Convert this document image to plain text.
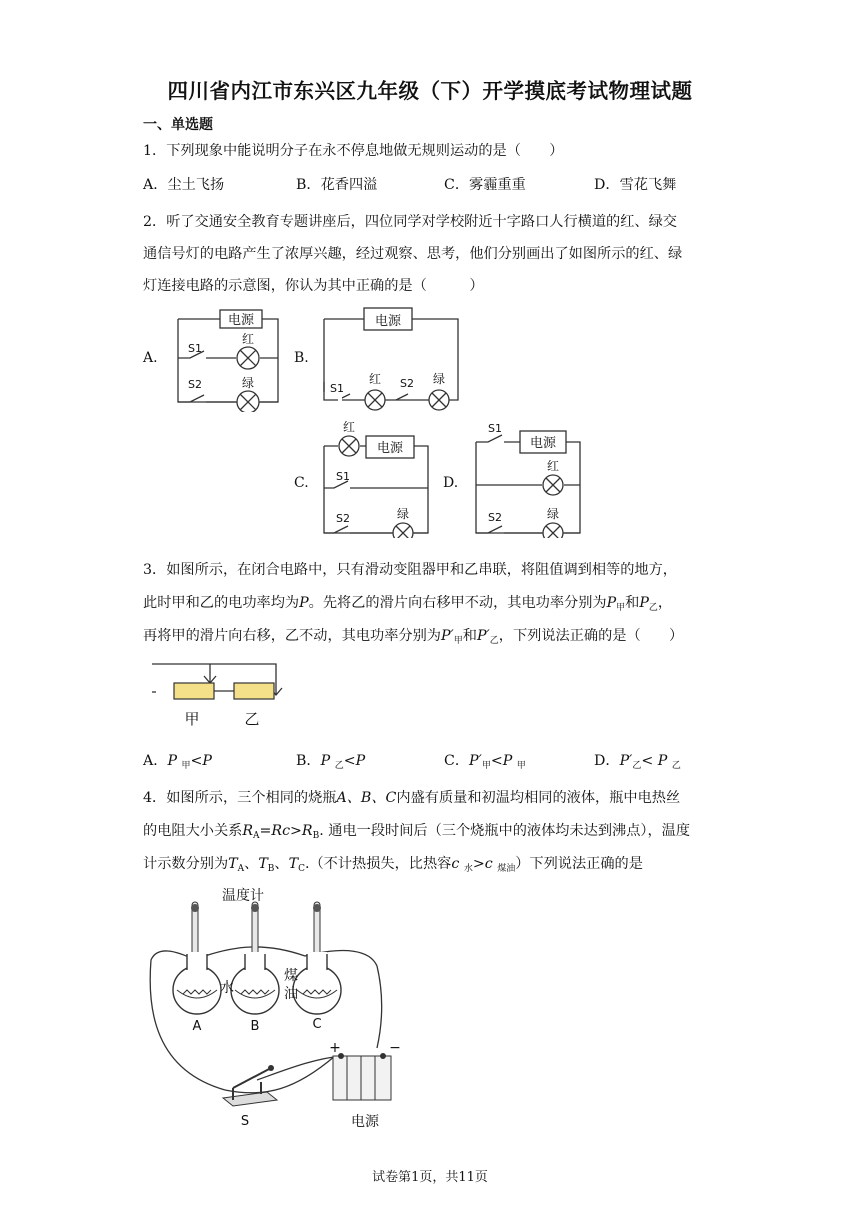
四川省内江市东兴区九年级（下）开学摸底考试物理试题
一、单选题
1．下列现象中能说明分子在永不停息地做无规则运动的是（　　）
A．尘土飞扬	B．花香四溢	C．雾霾重重	D．雪花飞舞
2．听了交通安全教育专题讲座后，四位同学对学校附近十字路口人行横道的红、绿交
通信号灯的电路产生了浓厚兴趣，经过观察、思考，他们分别画出了如图所示的红、绿
灯连接电路的示意图，你认为其中正确的是（　　　）
A.	B.
C.	D.
电源
红
绿
S1
S2
电源
S1
红 S2 绿
红
电源
S1
S2	绿
S1
电源
红
S2	绿
3．如图所示，在闭合电路中，只有滑动变阻器甲和乙串联，将阻值调到相等的地方，
此时甲和乙的电功率均为P。先将乙的滑片向右移甲不动，其电功率分别为$P_甲$和$P_乙$，
再将甲的滑片向右移，乙不动，其电功率分别为$P'_甲$和$P'_乙$，下列说法正确的是（　　）
甲	乙
A．P $_甲$<P	B．P $_乙$<P	C．$P'_甲<P$ $_甲$	D．$P'_乙< P$ $_乙$
4．如图所示，三个相同的烧瓶A、B、C内盛有质量和初温均相同的液体，瓶中电热丝
的电阻大小关系$R_A=Rc>R_B$. 通电一段时间后（三个烧瓶中的液体均未达到沸点），温度
计示数分别为$T_A$、$T_B$、$T_C$.（不计热损失，比热容c $_水$>c $_{煤油}$）下列说法正确的是
温度计
水
煤
油
A	B	C
S	电源
+	−
试卷第1页，共11页
